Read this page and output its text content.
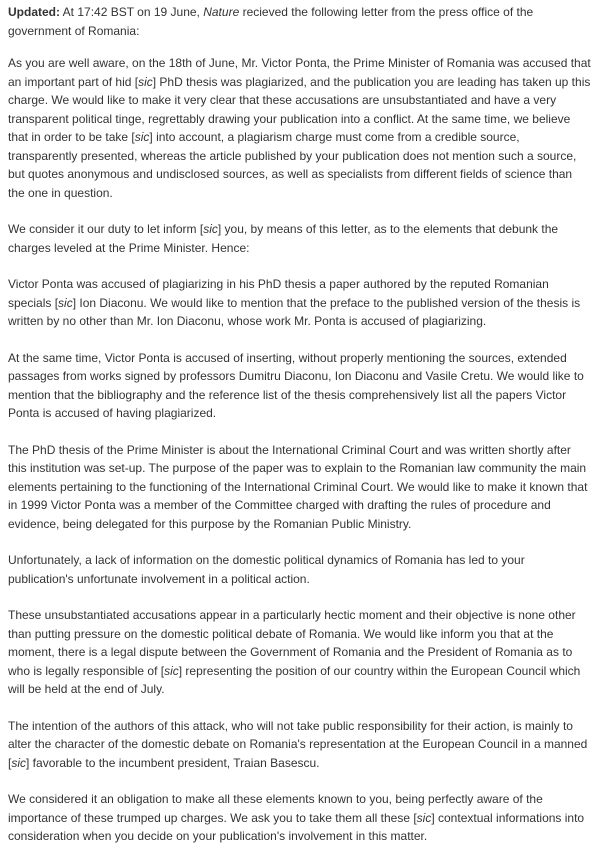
Updated: At 17:42 BST on 19 June, Nature recieved the following letter from the press office of the government of Romania:

As you are well aware, on the 18th of June, Mr. Victor Ponta, the Prime Minister of Romania was accused that an important part of hid [sic] PhD thesis was plagiarized, and the publication you are leading has taken up this charge. We would like to make it very clear that these accusations are unsubstantiated and have a very transparent political tinge, regrettably drawing your publication into a conflict. At the same time, we believe that in order to be take [sic] into account, a plagiarism charge must come from a credible source, transparently presented, whereas the article published by your publication does not mention such a source, but quotes anonymous and undisclosed sources, as well as specialists from different fields of science than the one in question.

We consider it our duty to let inform [sic] you, by means of this letter, as to the elements that debunk the charges leveled at the Prime Minister. Hence:

Victor Ponta was accused of plagiarizing in his PhD thesis a paper authored by the reputed Romanian specials [sic] Ion Diaconu. We would like to mention that the preface to the published version of the thesis is written by no other than Mr. Ion Diaconu, whose work Mr. Ponta is accused of plagiarizing.

At the same time, Victor Ponta is accused of inserting, without properly mentioning the sources, extended passages from works signed by professors Dumitru Diaconu, Ion Diaconu and Vasile Cretu. We would like to mention that the bibliography and the reference list of the thesis comprehensively list all the papers Victor Ponta is accused of having plagiarized.

The PhD thesis of the Prime Minister is about the International Criminal Court and was written shortly after this institution was set-up. The purpose of the paper was to explain to the Romanian law community the main elements pertaining to the functioning of the International Criminal Court. We would like to make it known that in 1999 Victor Ponta was a member of the Committee charged with drafting the rules of procedure and evidence, being delegated for this purpose by the Romanian Public Ministry.

Unfortunately, a lack of information on the domestic political dynamics of Romania has led to your publication's unfortunate involvement in a political action.

These unsubstantiated accusations appear in a particularly hectic moment and their objective is none other than putting pressure on the domestic political debate of Romania. We would like inform you that at the moment, there is a legal dispute between the Government of Romania and the President of Romania as to who is legally responsible of [sic] representing the position of our country within the European Council which will be held at the end of July.

The intention of the authors of this attack, who will not take public responsibility for their action, is mainly to alter the character of the domestic debate on Romania's representation at the European Council in a manned [sic] favorable to the incumbent president, Traian Basescu.

We considered it an obligation to make all these elements known to you, being perfectly aware of the importance of these trumped up charges. We ask you to take them all these [sic] contextual informations into consideration when you decide on your publication's involvement in this matter.
